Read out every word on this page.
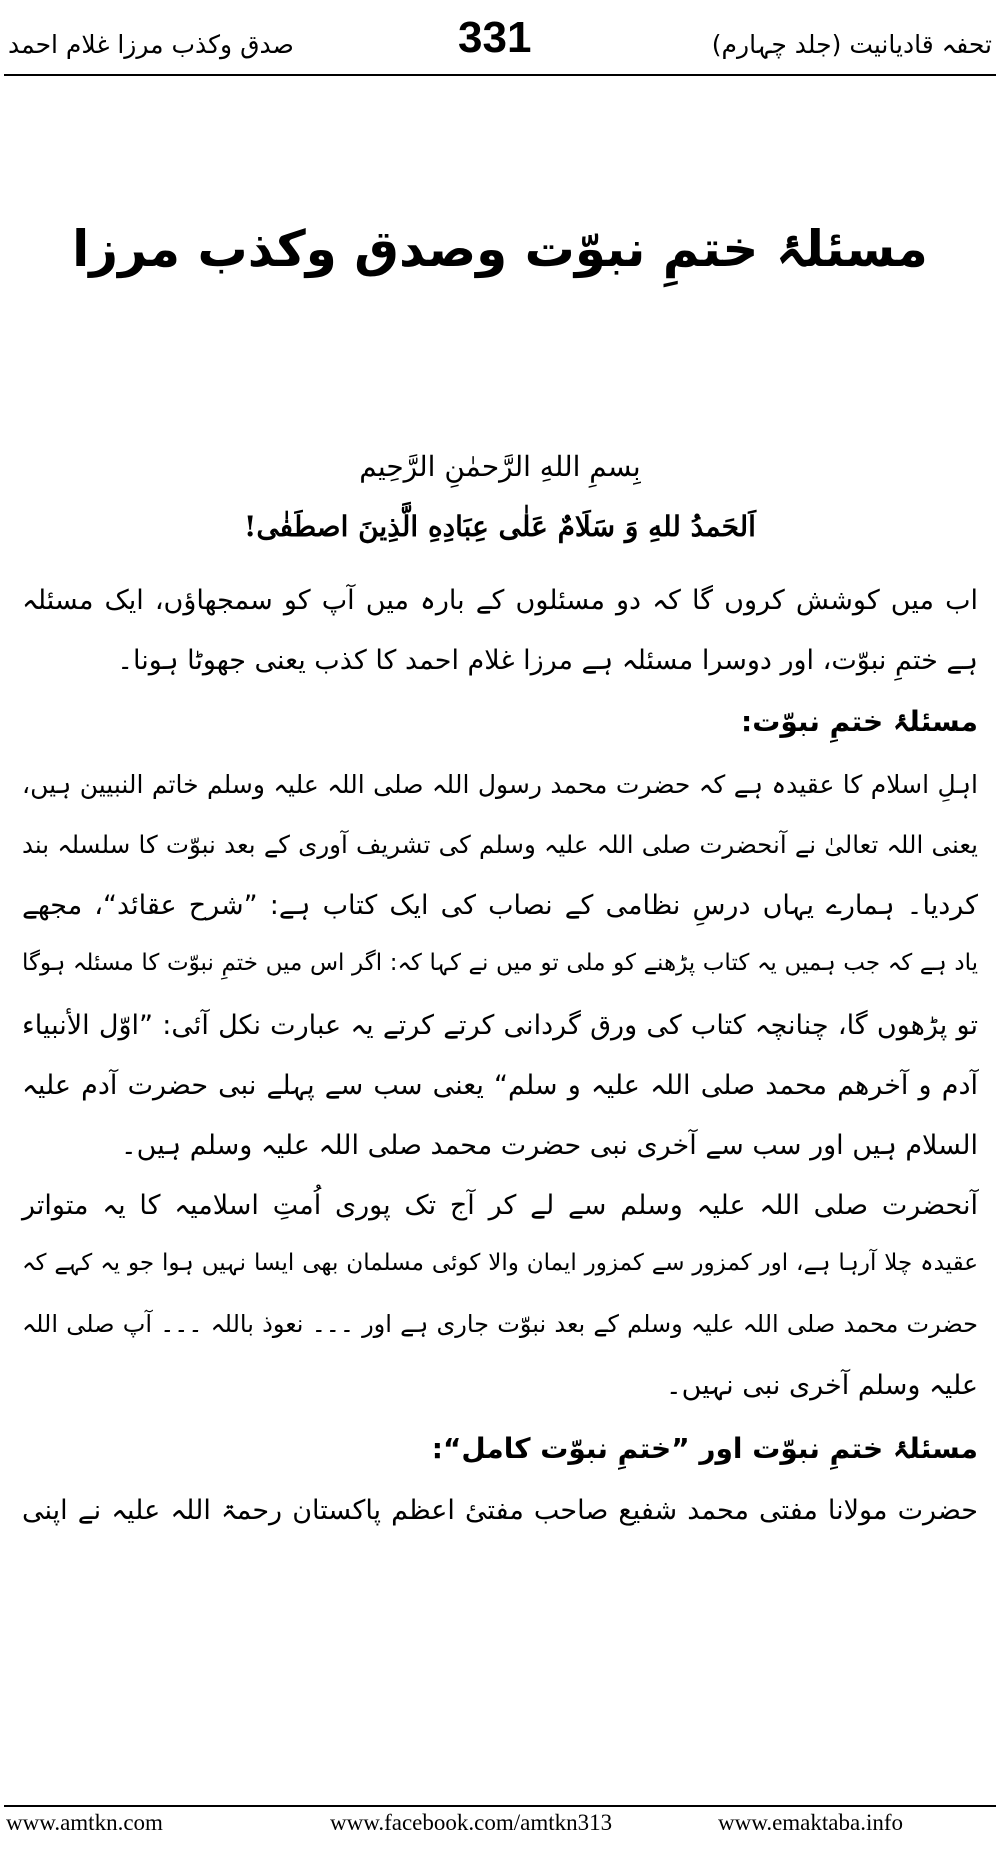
تحفہ قادیانیت (جلد چہارم)
331
صدق وکذب مرزا غلام احمد
مسئلۂ ختمِ نبوّت وصدق وکذب مرزا
بِسمِ اللهِ الرَّحمٰنِ الرَّحِيم
اَلحَمدُ للهِ وَ سَلَامٌ عَلٰى عِبَادِهِ الَّذِينَ اصطَفٰى!
اب میں کوشش کروں گا کہ دو مسئلوں کے بارہ میں آپ کو سمجھاؤں، ایک مسئلہ
ہے ختمِ نبوّت، اور دوسرا مسئلہ ہے مرزا غلام احمد کا کذب یعنی جھوٹا ہونا۔
مسئلۂ ختمِ نبوّت:
اہلِ اسلام کا عقیدہ ہے کہ حضرت محمد رسول اللہ صلی اللہ علیہ وسلم خاتم النبیین ہیں،
یعنی اللہ تعالیٰ نے آنحضرت صلی اللہ علیہ وسلم کی تشریف آوری کے بعد نبوّت کا سلسلہ بند
کردیا۔ ہمارے یہاں درسِ نظامی کے نصاب کی ایک کتاب ہے: ”شرح عقائد“، مجھے
یاد ہے کہ جب ہمیں یہ کتاب پڑھنے کو ملی تو میں نے کہا کہ: اگر اس میں ختمِ نبوّت کا مسئلہ ہوگا
تو پڑھوں گا، چنانچہ کتاب کی ورق گردانی کرتے کرتے یہ عبارت نکل آئی: ”اوّل الأنبیاء
آدم و آخرهم محمد صلی اللہ علیہ و سلم“ یعنی سب سے پہلے نبی حضرت آدم علیہ
السلام ہیں اور سب سے آخری نبی حضرت محمد صلی اللہ علیہ وسلم ہیں۔
آنحضرت صلی اللہ علیہ وسلم سے لے کر آج تک پوری اُمتِ اسلامیہ کا یہ متواتر
عقیدہ چلا آرہا ہے، اور کمزور سے کمزور ایمان والا کوئی مسلمان بھی ایسا نہیں ہوا جو یہ کہے کہ
حضرت محمد صلی اللہ علیہ وسلم کے بعد نبوّت جاری ہے اور ۔۔۔ نعوذ باللہ ۔۔۔ آپ صلی اللہ
علیہ وسلم آخری نبی نہیں۔
مسئلۂ ختمِ نبوّت اور ”ختمِ نبوّت کامل“:
حضرت مولانا مفتی محمد شفیع صاحب مفتیٔ اعظم پاکستان رحمۃ اللہ علیہ نے اپنی
www.amtkn.com	www.facebook.com/amtkn313	www.emaktaba.info
